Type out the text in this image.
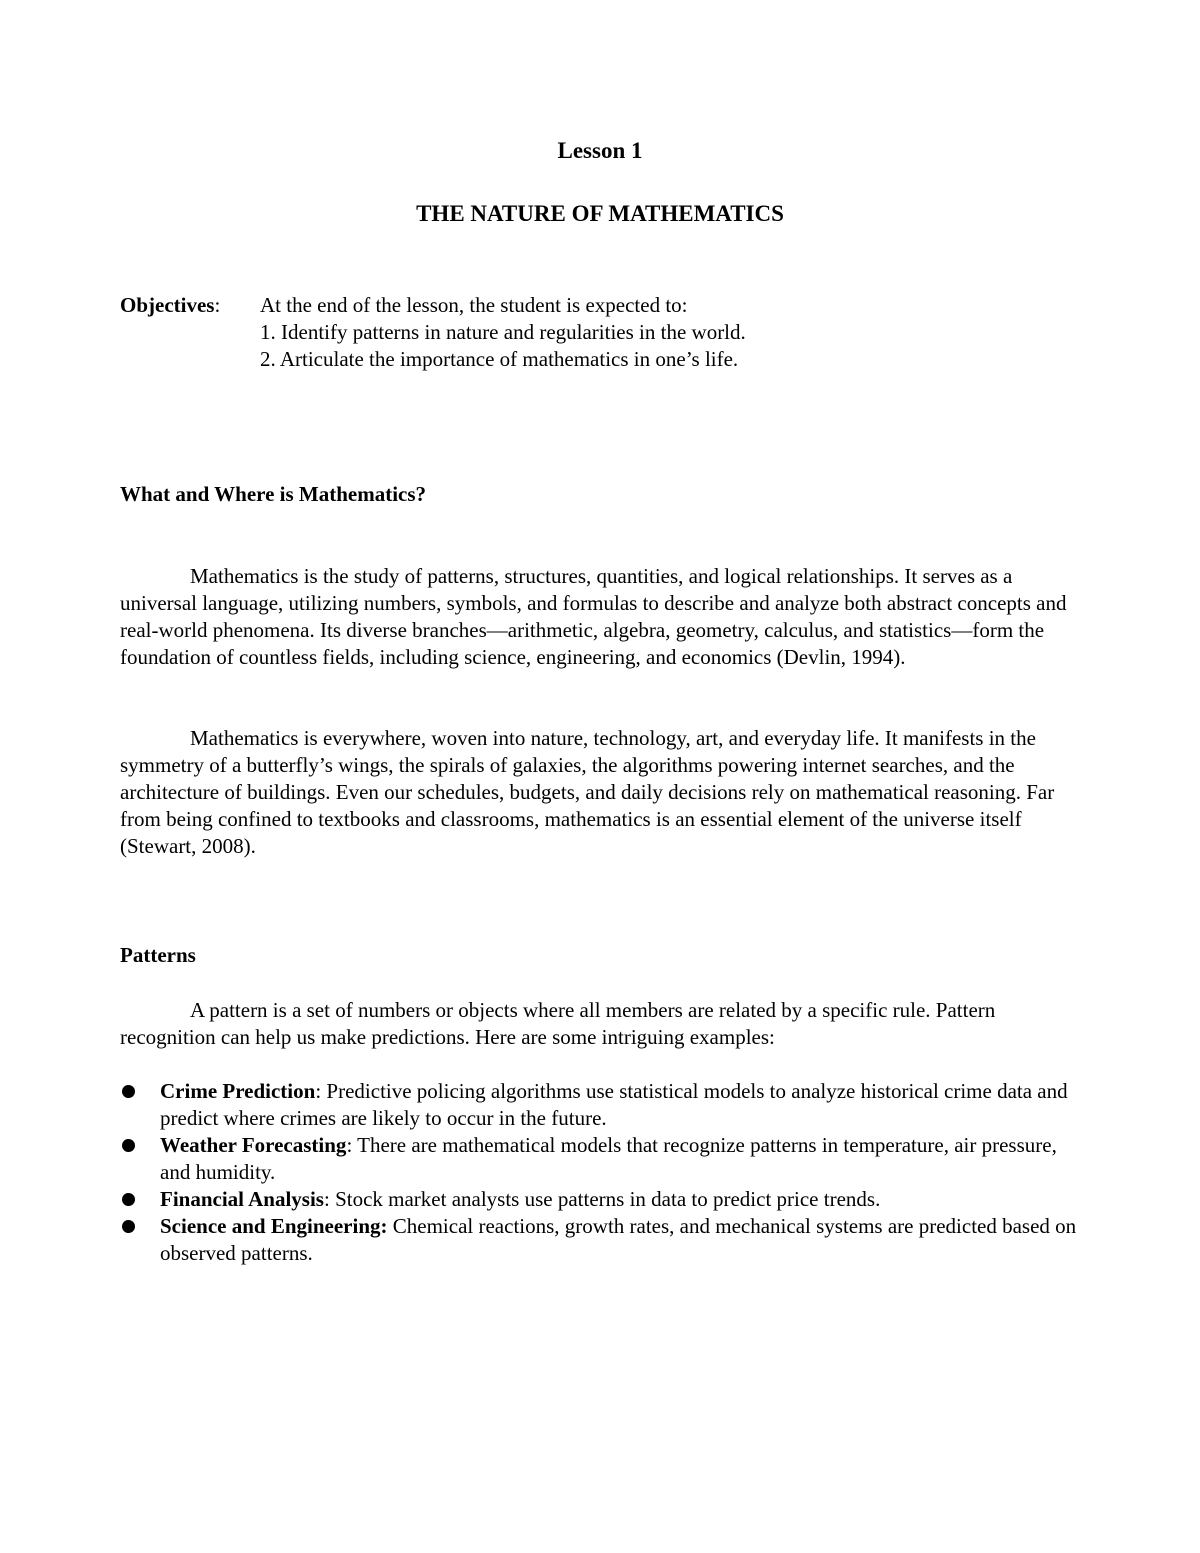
Lesson 1
THE NATURE OF MATHEMATICS
Objectives: At the end of the lesson, the student is expected to:
1. Identify patterns in nature and regularities in the world.
2. Articulate the importance of mathematics in one’s life.
What and Where is Mathematics?
Mathematics is the study of patterns, structures, quantities, and logical relationships. It serves as a universal language, utilizing numbers, symbols, and formulas to describe and analyze both abstract concepts and real-world phenomena. Its diverse branches—arithmetic, algebra, geometry, calculus, and statistics—form the foundation of countless fields, including science, engineering, and economics (Devlin, 1994).
Mathematics is everywhere, woven into nature, technology, art, and everyday life. It manifests in the symmetry of a butterfly’s wings, the spirals of galaxies, the algorithms powering internet searches, and the architecture of buildings. Even our schedules, budgets, and daily decisions rely on mathematical reasoning. Far from being confined to textbooks and classrooms, mathematics is an essential element of the universe itself (Stewart, 2008).
Patterns
A pattern is a set of numbers or objects where all members are related by a specific rule. Pattern recognition can help us make predictions. Here are some intriguing examples:
Crime Prediction: Predictive policing algorithms use statistical models to analyze historical crime data and predict where crimes are likely to occur in the future.
Weather Forecasting: There are mathematical models that recognize patterns in temperature, air pressure, and humidity.
Financial Analysis: Stock market analysts use patterns in data to predict price trends.
Science and Engineering: Chemical reactions, growth rates, and mechanical systems are predicted based on observed patterns.
